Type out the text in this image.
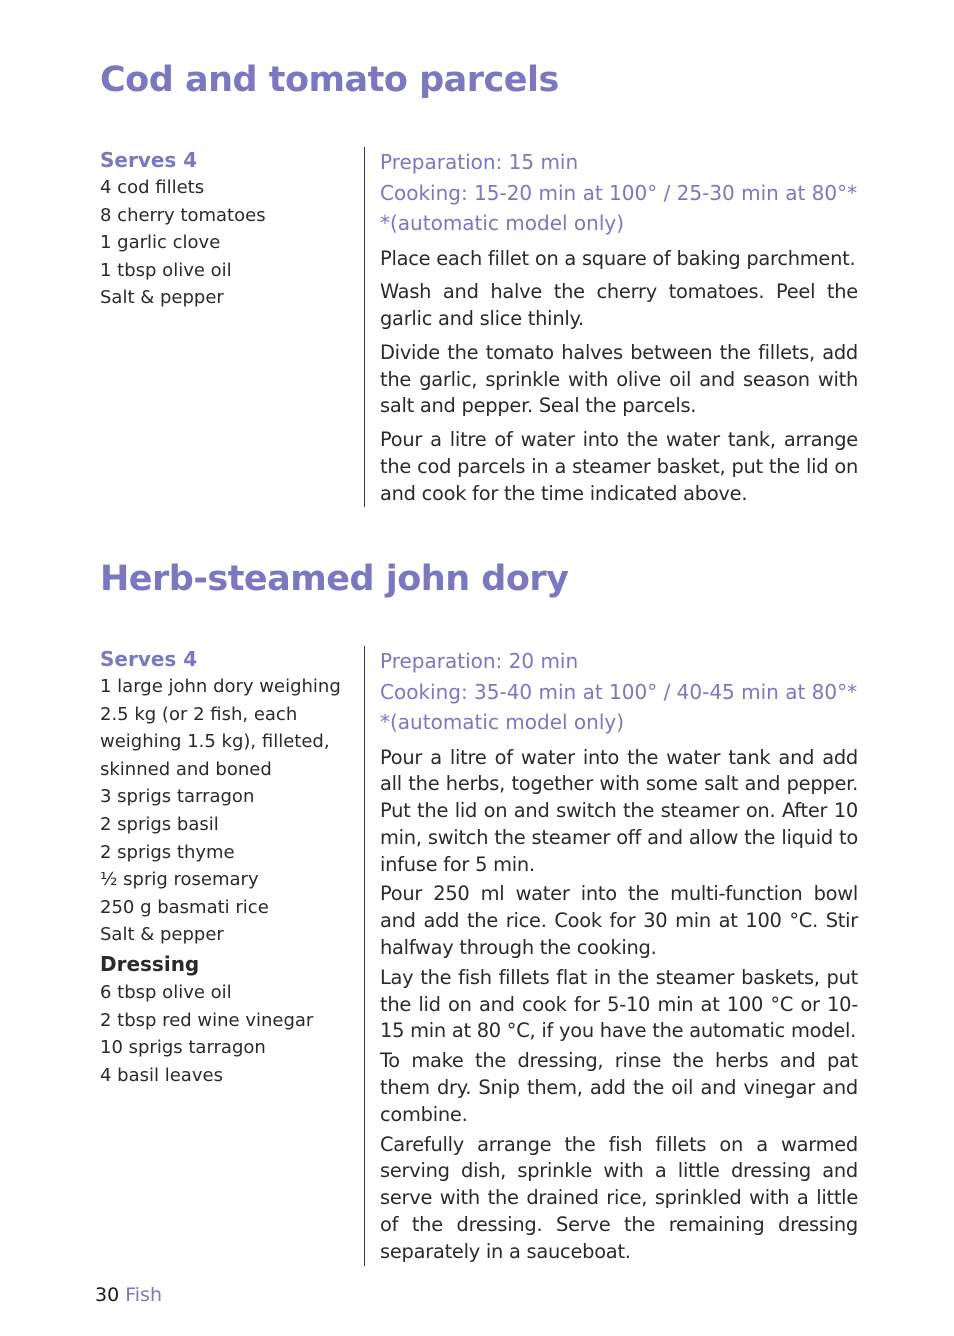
Cod and tomato parcels
Serves 4
4 cod fillets
8 cherry tomatoes
1 garlic clove
1 tbsp olive oil
Salt & pepper
Preparation: 15 min
Cooking: 15-20 min at 100° / 25-30 min at 80°*
*(automatic model only)

Place each fillet on a square of baking parchment.

Wash and halve the cherry tomatoes. Peel the garlic and slice thinly.

Divide the tomato halves between the fillets, add the garlic, sprinkle with olive oil and season with salt and pepper. Seal the parcels.

Pour a litre of water into the water tank, arrange the cod parcels in a steamer basket, put the lid on and cook for the time indicated above.

Herb-steamed john dory
Serves 4
1 large john dory weighing
2.5 kg (or 2 fish, each
weighing 1.5 kg), filleted,
skinned and boned
3 sprigs tarragon
2 sprigs basil
2 sprigs thyme
½ sprig rosemary
250 g basmati rice
Salt & pepper
Dressing
6 tbsp olive oil
2 tbsp red wine vinegar
10 sprigs tarragon
4 basil leaves
Preparation: 20 min
Cooking: 35-40 min at 100° / 40-45 min at 80°*
*(automatic model only)

Pour a litre of water into the water tank and add all the herbs, together with some salt and pepper. Put the lid on and switch the steamer on. After 10 min, switch the steamer off and allow the liquid to infuse for 5 min.

Pour 250 ml water into the multi-function bowl and add the rice. Cook for 30 min at 100 °C. Stir halfway through the cooking.

Lay the fish fillets flat in the steamer baskets, put the lid on and cook for 5-10 min at 100 °C or 10-15 min at 80 °C, if you have the automatic model.

To make the dressing, rinse the herbs and pat them dry. Snip them, add the oil and vinegar and combine.

Carefully arrange the fish fillets on a warmed serving dish, sprinkle with a little dressing and serve with the drained rice, sprinkled with a little of the dressing. Serve the remaining dressing separately in a sauceboat.

30 Fish
